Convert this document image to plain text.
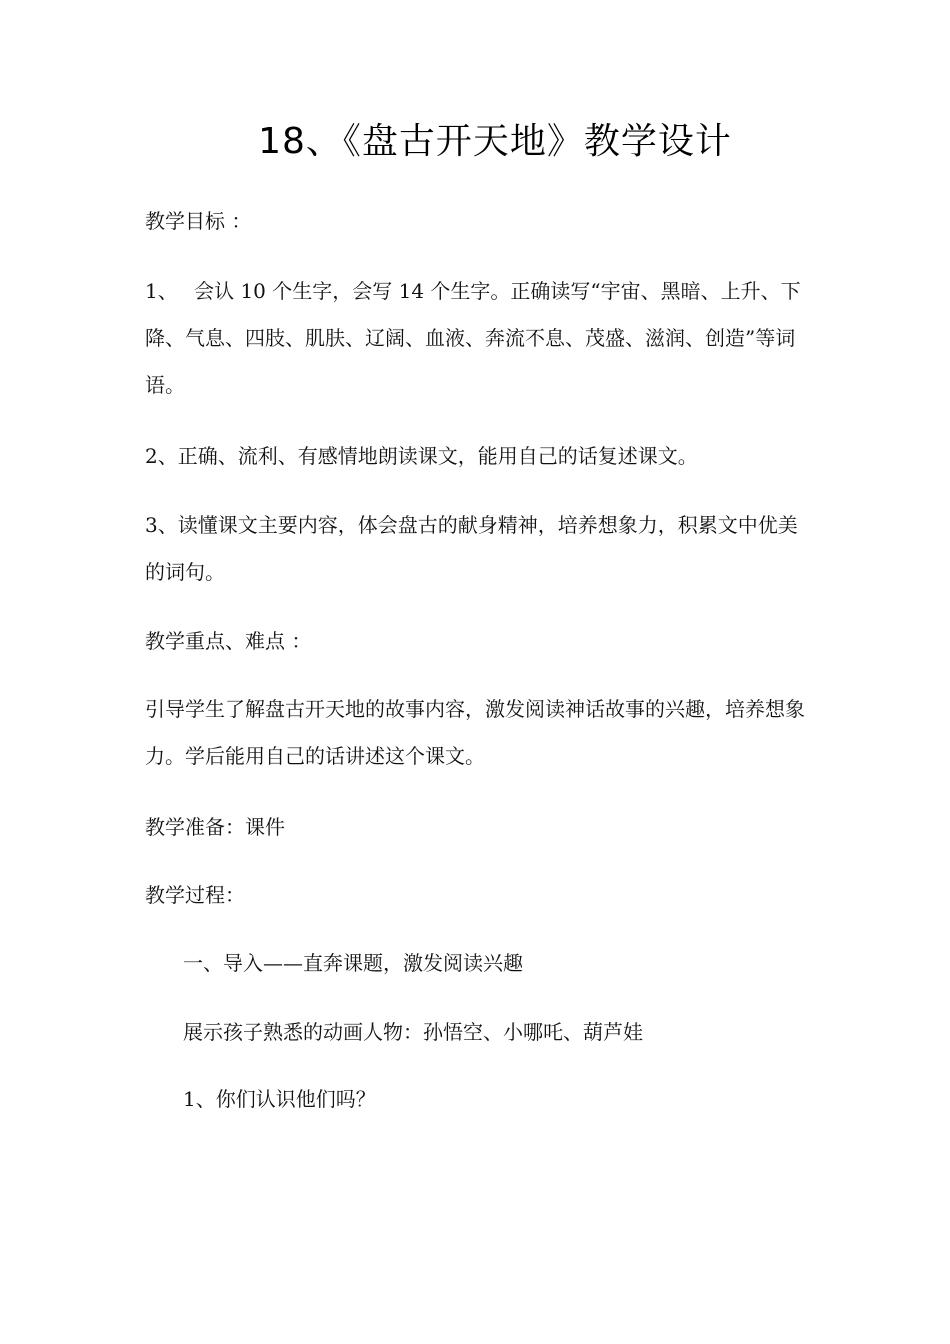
18、《盘古开天地》教学设计

教学目标 ：

1、　 会认 10 个生字，会写 14 个生字。正确读写“宇宙、黑暗、上升、下降、气息、四肢、肌肤、辽阔、血液、奔流不息、茂盛、滋润、创造”等词语。

2、正确、流利、有感情地朗读课文，能用自己的话复述课文。

3、读懂课文主要内容，体会盘古的献身精神，培养想象力，积累文中优美的词句。

教学重点、难点 ：

引导学生了解盘古开天地的故事内容，激发阅读神话故事的兴趣，培养想象力。学后能用自己的话讲述这个课文。

教学准备：课件

教学过程：

一、导入——直奔课题，激发阅读兴趣

展示孩子熟悉的动画人物：孙悟空、小哪吒、葫芦娃

1、你们认识他们吗？
